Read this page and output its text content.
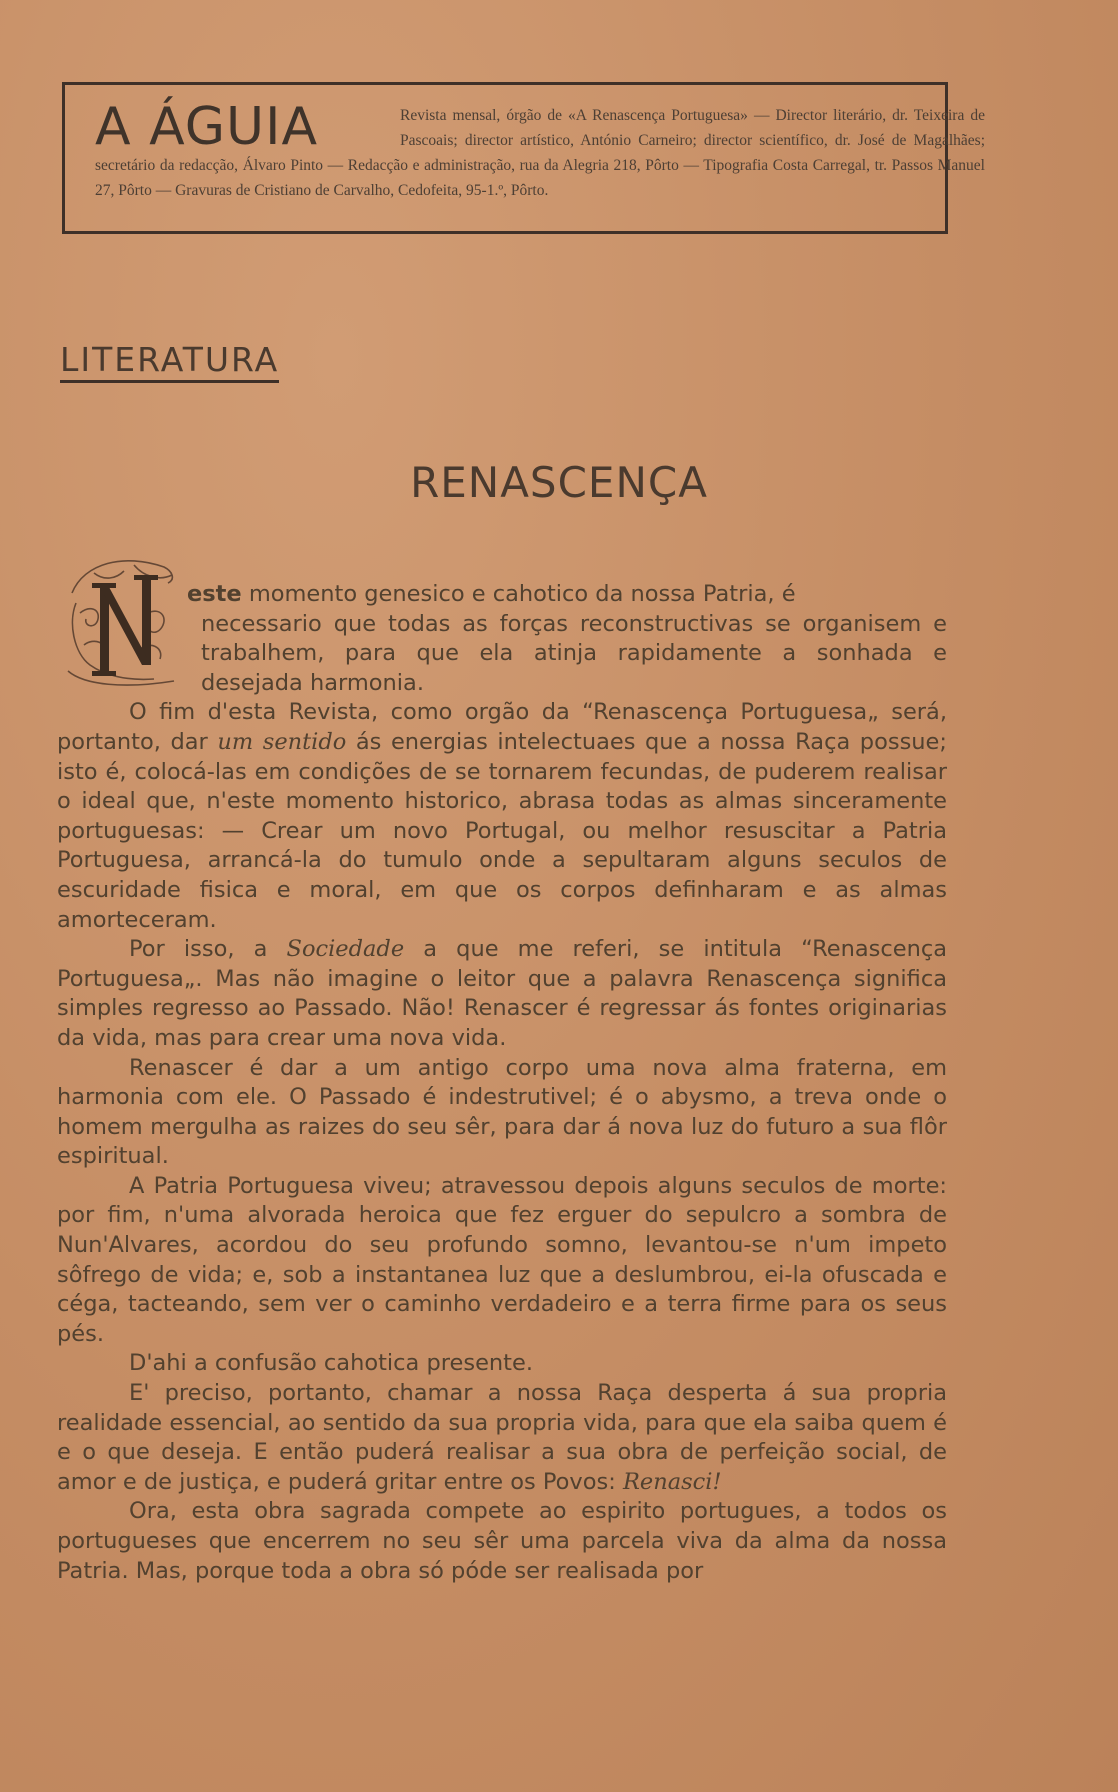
A ÁGUIA	Revista mensal, órgão de «A Renascença Portuguesa» — Director literário, dr. Teixeira de Pascoais; director artístico, António Carneiro; director scientífico, dr. José de Magalhães; secretário da redacção, Álvaro Pinto — Redacção e administração, rua da Alegria 218, Pôrto — Tipografia Costa Carregal, tr. Passos Manuel 27, Pôrto — Gravuras de Cristiano de Carvalho, Cedofeita, 95-1.º, Pôrto.
LITERATURA
RENASCENÇA

este momento genesico e cahotico da nossa Patria, é
necessario que todas as forças reconstructivas se organisem e trabalhem, para que ela atinja rapidamente a sonhada e desejada harmonia.

O fim d'esta Revista, como orgão da “Renascença Portuguesa„ será, portanto, dar um sentido ás energias intelectuaes que a nossa Raça possue; isto é, colocá-las em condições de se tornarem fecundas, de puderem realisar o ideal que, n'este momento historico, abrasa todas as almas sinceramente portuguesas: — Crear um novo Portugal, ou melhor resuscitar a Patria Portuguesa, arrancá-la do tumulo onde a sepultaram alguns seculos de escuridade fisica e moral, em que os corpos definharam e as almas amorteceram.

Por isso, a Sociedade a que me referi, se intitula “Renascença Portuguesa„. Mas não imagine o leitor que a palavra Renascença significa simples regresso ao Passado. Não! Renascer é regressar ás fontes originarias da vida, mas para crear uma nova vida.

Renascer é dar a um antigo corpo uma nova alma fraterna, em harmonia com ele. O Passado é indestrutivel; é o abysmo, a treva onde o homem mergulha as raizes do seu sêr, para dar á nova luz do futuro a sua flôr espiritual.

A Patria Portuguesa viveu; atravessou depois alguns seculos de morte: por fim, n'uma alvorada heroica que fez erguer do sepulcro a sombra de Nun'Alvares, acordou do seu profundo somno, levantou-se n'um impeto sôfrego de vida; e, sob a instantanea luz que a deslumbrou, ei-la ofuscada e céga, tacteando, sem ver o caminho verdadeiro e a terra firme para os seus pés.

D'ahi a confusão cahotica presente.

E' preciso, portanto, chamar a nossa Raça desperta á sua propria realidade essencial, ao sentido da sua propria vida, para que ela saiba quem é e o que deseja. E então puderá realisar a sua obra de perfeição social, de amor e de justiça, e puderá gritar entre os Povos: Renasci!

Ora, esta obra sagrada compete ao espirito portugues, a todos os portugueses que encerrem no seu sêr uma parcela viva da alma da nossa Patria. Mas, porque toda a obra só póde ser realisada por
